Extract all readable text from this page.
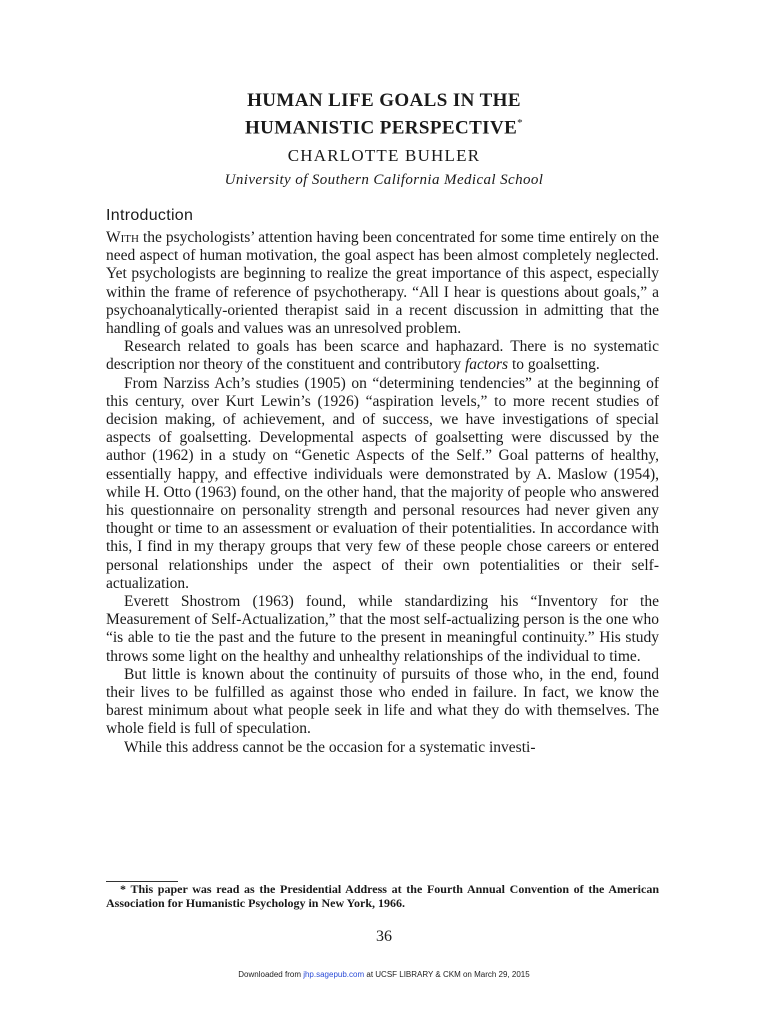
HUMAN LIFE GOALS IN THE
HUMANISTIC PERSPECTIVE*
CHARLOTTE BUHLER
University of Southern California Medical School
Introduction

With the psychologists’ attention having been concentrated for some time entirely on the need aspect of human motivation, the goal aspect has been almost completely neglected. Yet psychologists are beginning to realize the great importance of this aspect, especially within the frame of reference of psychotherapy. “All I hear is questions about goals,” a psychoanalytically-oriented therapist said in a recent discussion in admitting that the handling of goals and values was an unresolved problem.

Research related to goals has been scarce and haphazard. There is no systematic description nor theory of the constituent and contributory factors to goalsetting.

From Narziss Ach’s studies (1905) on “determining tendencies” at the beginning of this century, over Kurt Lewin’s (1926) “aspiration levels,” to more recent studies of decision making, of achievement, and of success, we have investigations of special aspects of goalsetting. Developmental aspects of goalsetting were discussed by the author (1962) in a study on “Genetic Aspects of the Self.” Goal patterns of healthy, essentially happy, and effective individuals were demonstrated by A. Maslow (1954), while H. Otto (1963) found, on the other hand, that the majority of people who answered his questionnaire on personality strength and personal resources had never given any thought or time to an assessment or evaluation of their potentialities. In accordance with this, I find in my therapy groups that very few of these people chose careers or entered personal relationships under the aspect of their own potentialities or their self-actualization.

Everett Shostrom (1963) found, while standardizing his “Inventory for the Measurement of Self-Actualization,” that the most self-actualizing person is the one who “is able to tie the past and the future to the present in meaningful continuity.” His study throws some light on the healthy and unhealthy relationships of the individual to time.

But little is known about the continuity of pursuits of those who, in the end, found their lives to be fulfilled as against those who ended in failure. In fact, we know the barest minimum about what people seek in life and what they do with themselves. The whole field is full of speculation.

While this address cannot be the occasion for a systematic investi-

* This paper was read as the Presidential Address at the Fourth Annual Convention of the American Association for Humanistic Psychology in New York, 1966.
36
Downloaded from jhp.sagepub.com at UCSF LIBRARY & CKM on March 29, 2015
